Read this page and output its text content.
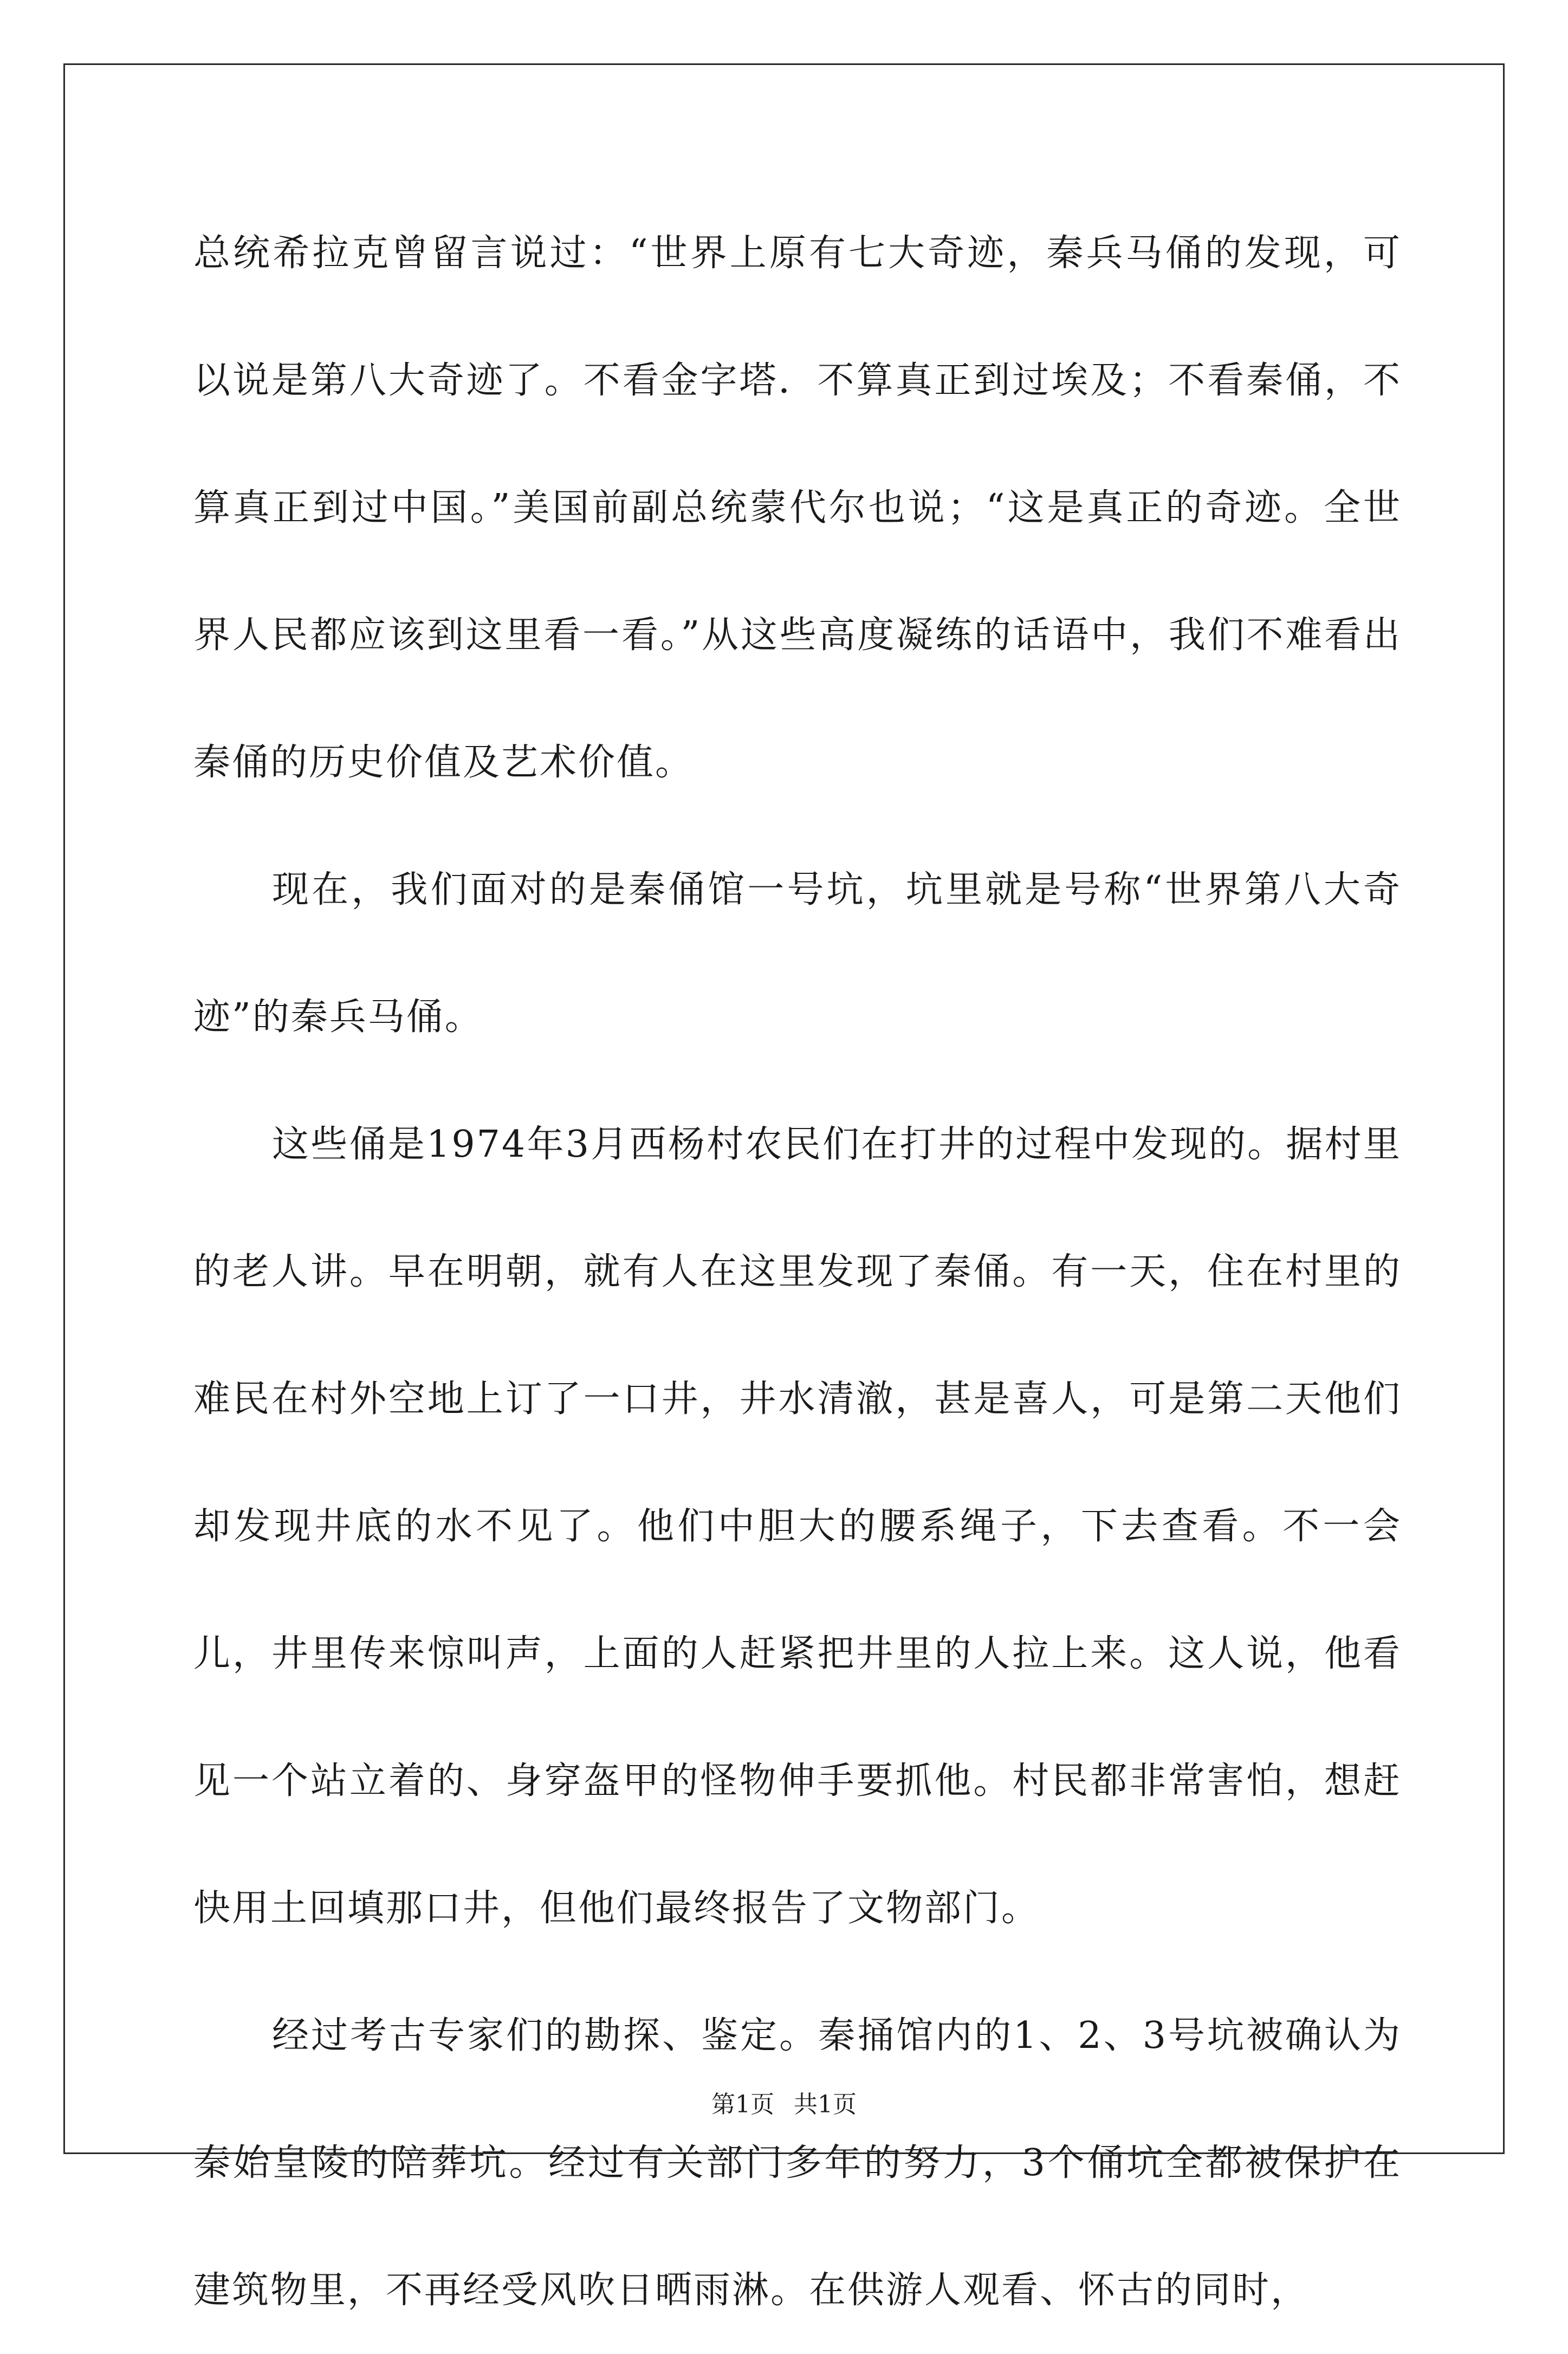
总统希拉克曾留言说过：“世界上原有七大奇迹，秦兵马俑的发现，可以说是第八大奇迹了。不看金字塔．不算真正到过埃及；不看秦俑，不算真正到过中国。”美国前副总统蒙代尔也说；“这是真正的奇迹。全世界人民都应该到这里看一看。”从这些高度凝练的话语中，我们不难看出秦俑的历史价值及艺术价值。

现在，我们面对的是秦俑馆一号坑，坑里就是号称“世界第八大奇迹”的秦兵马俑。

这些俑是1974年3月西杨村农民们在打井的过程中发现的。据村里的老人讲。早在明朝，就有人在这里发现了秦俑。有一天，住在村里的难民在村外空地上订了一口井，井水清澈，甚是喜人，可是第二天他们却发现井底的水不见了。他们中胆大的腰系绳子，下去查看。不一会儿，井里传来惊叫声，上面的人赶紧把井里的人拉上来。这人说，他看见一个站立着的、身穿盔甲的怪物伸手要抓他。村民都非常害怕，想赶快用土回填那口井，但他们最终报告了文物部门。

经过考古专家们的勘探、鉴定。秦捅馆内的1、2、3号坑被确认为秦始皇陵的陪葬坑。经过有关部门多年的努力，3个俑坑全都被保护在建筑物里，不再经受风吹日晒雨淋。在供游人观看、怀古的同时，

第1页 共1页
